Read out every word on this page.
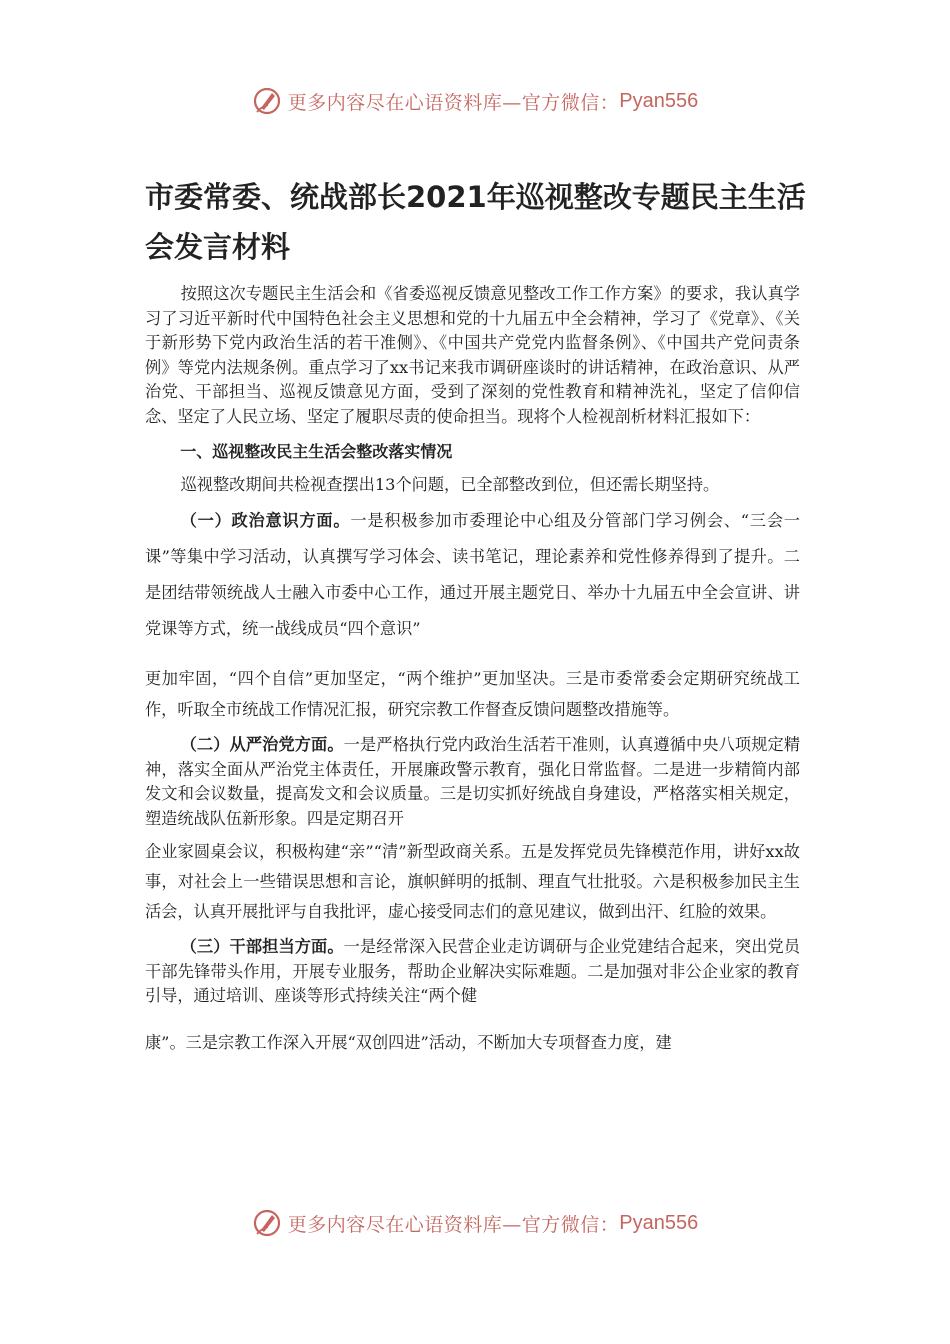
更多内容尽在心语资料库—官方微信： Pyan556
市委常委、统战部长2021年巡视整改专题民主生活会发言材料

按照这次专题民主生活会和《省委巡视反馈意见整改工作工作方案》的要求，我认真学习了习近平新时代中国特色社会主义思想和党的十九届五中全会精神，学习了《党章》、《关于新形势下党内政治生活的若干准侧》、《中国共产党党内监督条例》、《中国共产党问责条例》等党内法规条例。重点学习了xx书记来我市调研座谈时的讲话精神，在政治意识、从严治党、干部担当、巡视反馈意见方面，受到了深刻的党性教育和精神洗礼，坚定了信仰信念、坚定了人民立场、坚定了履职尽责的使命担当。现将个人检视剖析材料汇报如下：

一、巡视整改民主生活会整改落实情况

巡视整改期间共检视查摆出13个问题，已全部整改到位，但还需长期坚持。

（一）政治意识方面。一是积极参加市委理论中心组及分管部门学习例会、“三会一课”等集中学习活动，认真撰写学习体会、读书笔记，理论素养和党性修养得到了提升。二是团结带领统战人士融入市委中心工作，通过开展主题党日、举办十九届五中全会宣讲、讲党课等方式，统一战线成员“四个意识”

更加牢固，“四个自信”更加坚定，“两个维护”更加坚决。三是市委常委会定期研究统战工作，听取全市统战工作情况汇报，研究宗教工作督查反馈问题整改措施等。

（二）从严治党方面。一是严格执行党内政治生活若干准则，认真遵循中央八项规定精神，落实全面从严治党主体责任，开展廉政警示教育，强化日常监督。二是进一步精简内部发文和会议数量，提高发文和会议质量。三是切实抓好统战自身建设，严格落实相关规定，塑造统战队伍新形象。四是定期召开

企业家圆桌会议，积极构建“亲”“清”新型政商关系。五是发挥党员先锋模范作用，讲好xx故事，对社会上一些错误思想和言论，旗帜鲜明的抵制、理直气壮批驳。六是积极参加民主生活会，认真开展批评与自我批评，虚心接受同志们的意见建议，做到出汗、红脸的效果。

（三）干部担当方面。一是经常深入民营企业走访调研与企业党建结合起来，突出党员干部先锋带头作用，开展专业服务，帮助企业解决实际难题。二是加强对非公企业家的教育引导，通过培训、座谈等形式持续关注“两个健

康”。三是宗教工作深入开展“双创四进”活动，不断加大专项督查力度，建

更多内容尽在心语资料库—官方微信： Pyan556
